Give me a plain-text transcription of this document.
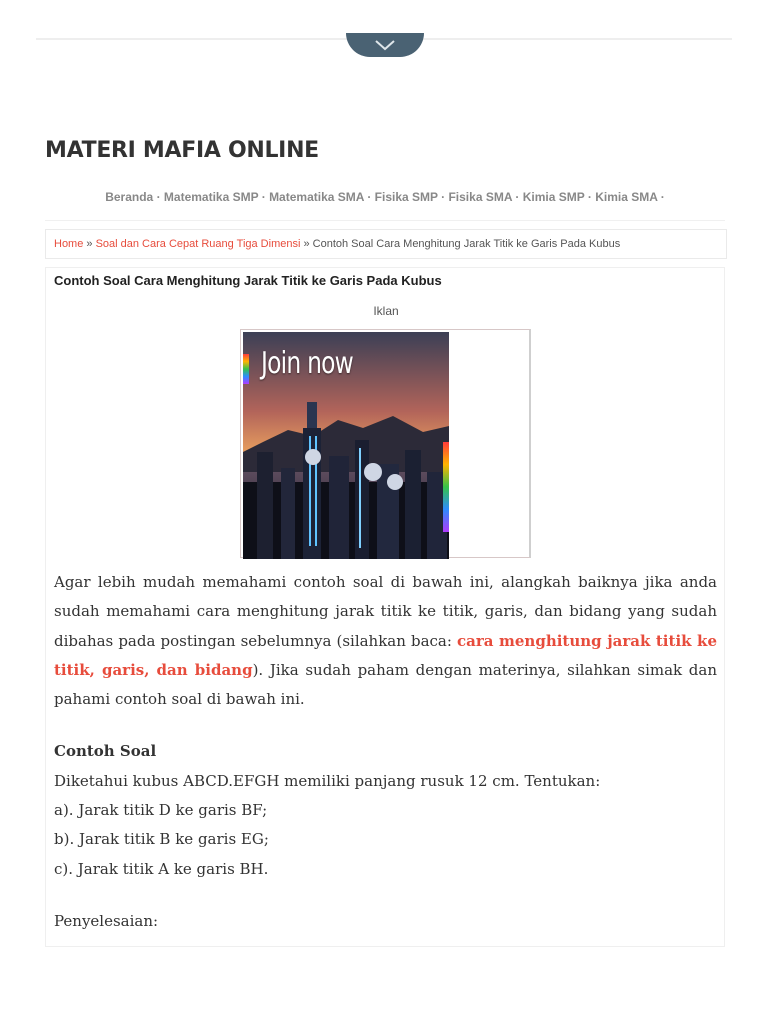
MATERI MAFIA ONLINE
Beranda · Matematika SMP · Matematika SMA · Fisika SMP · Fisika SMA · Kimia SMP · Kimia SMA ·
Home » Soal dan Cara Cepat Ruang Tiga Dimensi » Contoh Soal Cara Menghitung Jarak Titik ke Garis Pada Kubus
Contoh Soal Cara Menghitung Jarak Titik ke Garis Pada Kubus
Iklan
Join now

Agar lebih mudah memahami contoh soal di bawah ini, alangkah baiknya jika anda sudah memahami cara menghitung jarak titik ke titik, garis, dan bidang yang sudah dibahas pada postingan sebelumnya (silahkan baca: cara menghitung jarak titik ke titik, garis, dan bidang). Jika sudah paham dengan materinya, silahkan simak dan pahami contoh soal di bawah ini.

Contoh Soal

Diketahui kubus ABCD.EFGH memiliki panjang rusuk 12 cm. Tentukan:

a). Jarak titik D ke garis BF;

b). Jarak titik B ke garis EG;

c). Jarak titik A ke garis BH.

Penyelesaian:
